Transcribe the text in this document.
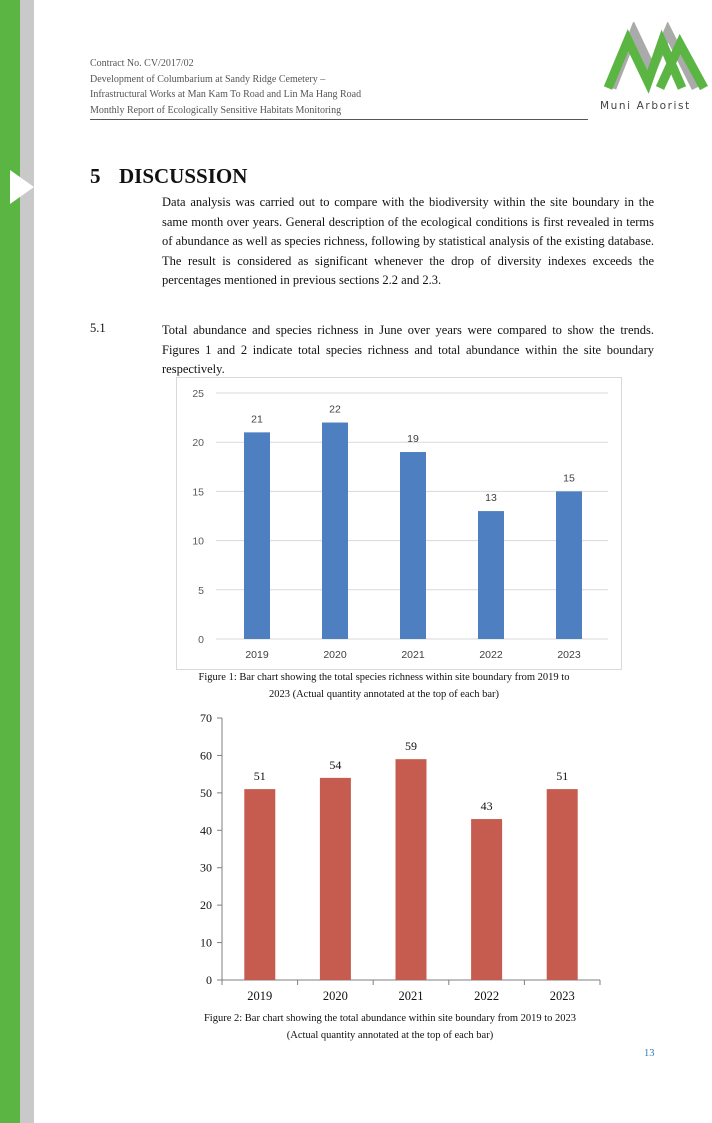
Contract No. CV/2017/02
Development of Columbarium at Sandy Ridge Cemetery –
Infrastructural Works at Man Kam To Road and Lin Ma Hang Road
Monthly Report of Ecologically Sensitive Habitats Monitoring	Muni Arborist
5 DISCUSSION
Data analysis was carried out to compare with the biodiversity within the site boundary in the same month over years. General description of the ecological conditions is first revealed in terms of abundance as well as species richness, following by statistical analysis of the existing database. The result is considered as significant whenever the drop of diversity indexes exceeds the percentages mentioned in previous sections 2.2 and 2.3.
5.1	Total abundance and species richness in June over years were compared to show the trends. Figures 1 and 2 indicate total species richness and total abundance within the site boundary respectively.
21
22
19
13
15
0
5
10
15
20
25
2019	2020	2021	2022	2023
Figure 1: Bar chart showing the total species richness within site boundary from 2019 to
2023 (Actual quantity annotated at the top of each bar)
51
54
59
43
51
0
10
20
30
40
50
60
70
2019	2020	2021	2022	2023
Figure 2: Bar chart showing the total abundance within site boundary from 2019 to 2023
(Actual quantity annotated at the top of each bar)
13
